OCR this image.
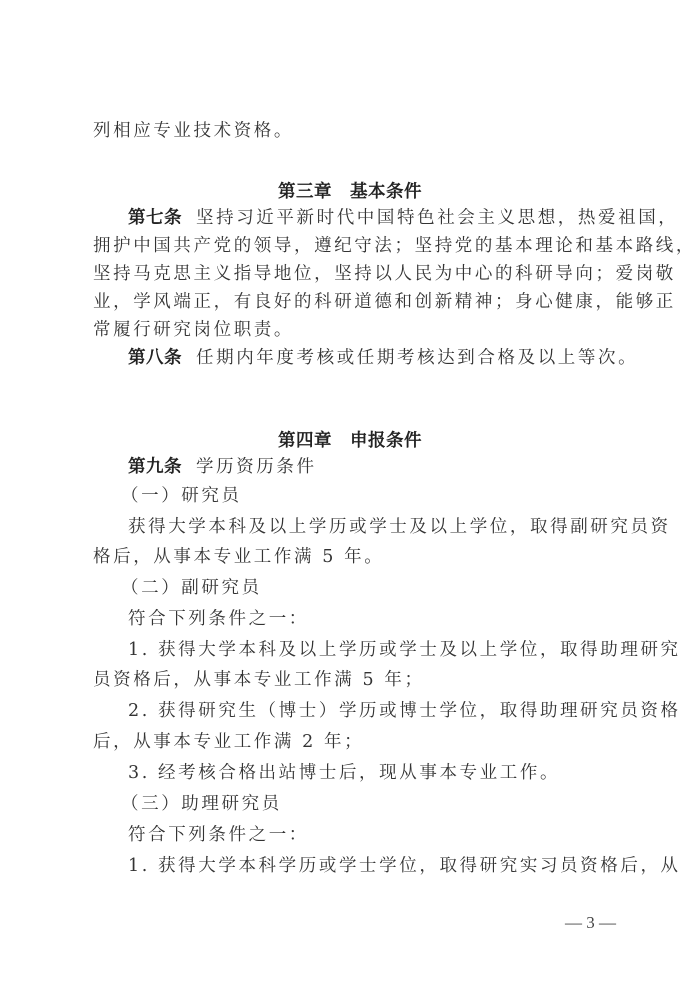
列相应专业技术资格。
第三章 基本条件
第七条 坚持习近平新时代中国特色社会主义思想，热爱祖国，
拥护中国共产党的领导，遵纪守法；坚持党的基本理论和基本路线，
坚持马克思主义指导地位，坚持以人民为中心的科研导向；爱岗敬
业，学风端正，有良好的科研道德和创新精神；身心健康，能够正
常履行研究岗位职责。
第八条 任期内年度考核或任期考核达到合格及以上等次。
第四章 申报条件
第九条 学历资历条件
（一）研究员
获得大学本科及以上学历或学士及以上学位，取得副研究员资
格后，从事本专业工作满 5 年。
（二）副研究员
符合下列条件之一：
1. 获得大学本科及以上学历或学士及以上学位，取得助理研究
员资格后，从事本专业工作满 5 年；
2. 获得研究生（博士）学历或博士学位，取得助理研究员资格
后，从事本专业工作满 2 年；
3. 经考核合格出站博士后，现从事本专业工作。
（三）助理研究员
符合下列条件之一：
1. 获得大学本科学历或学士学位，取得研究实习员资格后，从
— 3 —
